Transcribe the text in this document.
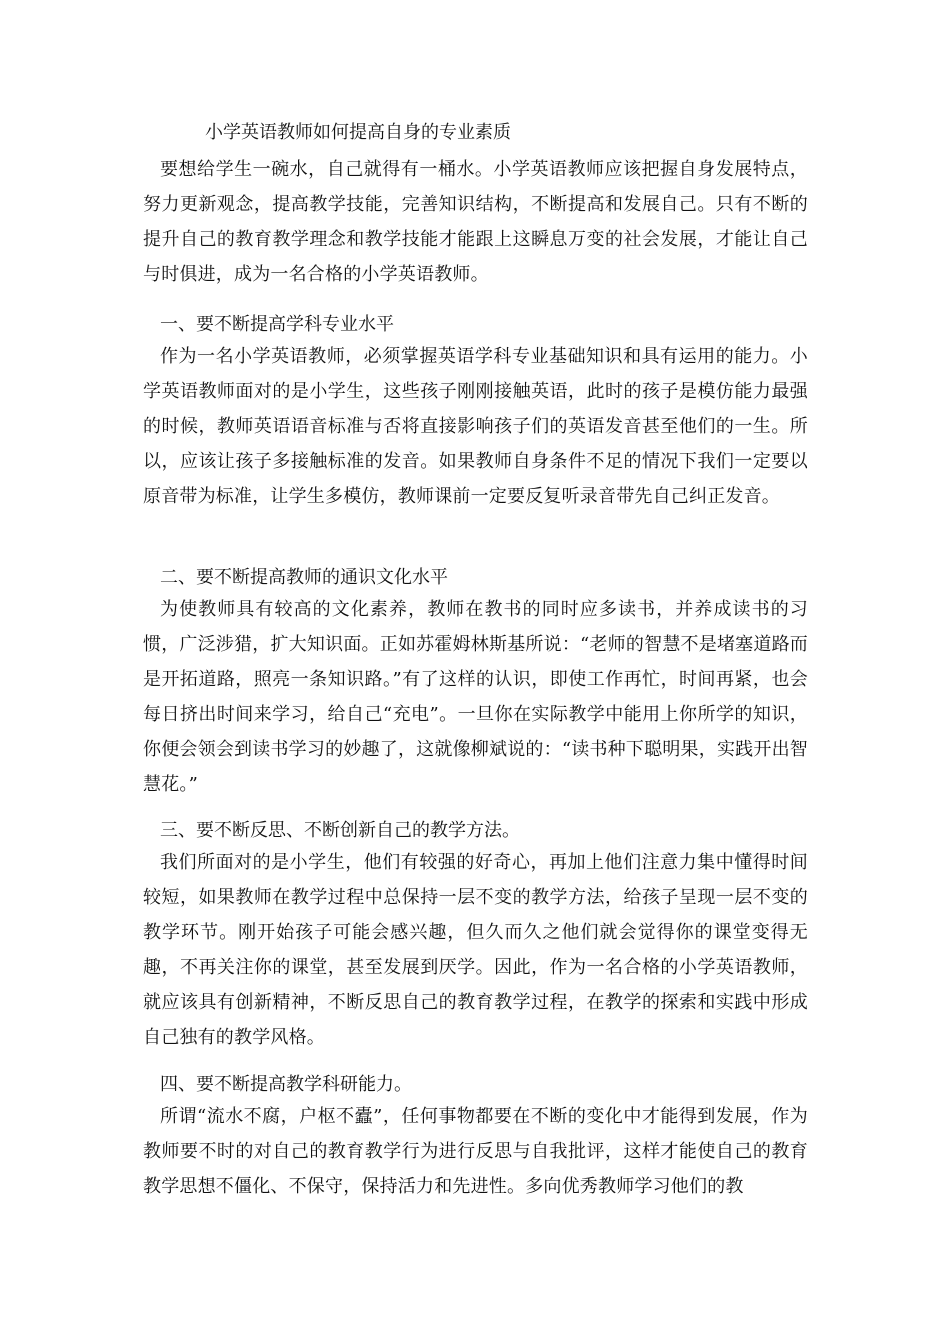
小学英语教师如何提高自身的专业素质
要想给学生一碗水，自己就得有一桶水。小学英语教师应该把握自身发展特点，努力更新观念，提高教学技能，完善知识结构，不断提高和发展自己。只有不断的提升自己的教育教学理念和教学技能才能跟上这瞬息万变的社会发展，才能让自己与时俱进，成为一名合格的小学英语教师。
一、要不断提高学科专业水平
作为一名小学英语教师，必须掌握英语学科专业基础知识和具有运用的能力。小学英语教师面对的是小学生，这些孩子刚刚接触英语，此时的孩子是模仿能力最强的时候，教师英语语音标准与否将直接影响孩子们的英语发音甚至他们的一生。所以，应该让孩子多接触标准的发音。如果教师自身条件不足的情况下我们一定要以原音带为标准，让学生多模仿，教师课前一定要反复听录音带先自己纠正发音。
二、要不断提高教师的通识文化水平
为使教师具有较高的文化素养，教师在教书的同时应多读书，并养成读书的习惯，广泛涉猎，扩大知识面。正如苏霍姆林斯基所说：“老师的智慧不是堵塞道路而是开拓道路，照亮一条知识路。”有了这样的认识，即使工作再忙，时间再紧，也会每日挤出时间来学习，给自己“充电”。一旦你在实际教学中能用上你所学的知识，你便会领会到读书学习的妙趣了，这就像柳斌说的：“读书种下聪明果，实践开出智慧花。”
三、要不断反思、不断创新自己的教学方法。
我们所面对的是小学生，他们有较强的好奇心，再加上他们注意力集中懂得时间较短，如果教师在教学过程中总保持一层不变的教学方法，给孩子呈现一层不变的教学环节。刚开始孩子可能会感兴趣，但久而久之他们就会觉得你的课堂变得无趣，不再关注你的课堂，甚至发展到厌学。因此，作为一名合格的小学英语教师，就应该具有创新精神，不断反思自己的教育教学过程，在教学的探索和实践中形成自己独有的教学风格。
四、要不断提高教学科研能力。
所谓“流水不腐，户枢不蠹”，任何事物都要在不断的变化中才能得到发展，作为教师要不时的对自己的教育教学行为进行反思与自我批评，这样才能使自己的教育教学思想不僵化、不保守，保持活力和先进性。多向优秀教师学习他们的教
